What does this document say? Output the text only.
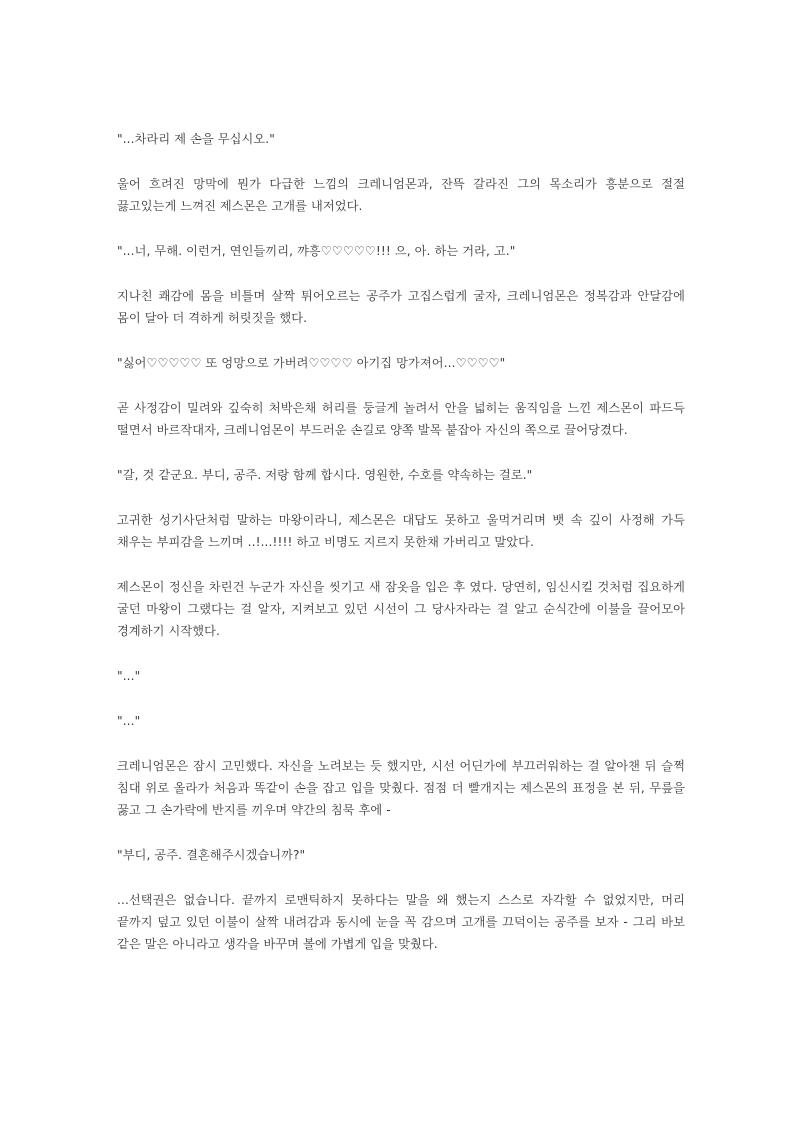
"...차라리 제 손을 무십시오."

울어 흐려진 망막에 뭔가 다급한 느낌의 크레니엄몬과, 잔뜩 갈라진 그의 목소리가 흥분으로 절절 끓고있는게 느껴진 제스몬은 고개를 내저었다.

"...너, 무해. 이런거, 연인들끼리, 꺄흥♡♡♡♡♡!!! 으, 아. 하는 거라, 고."

지나친 쾌감에 몸을 비틀며 살짝 튀어오르는 공주가 고집스럽게 굴자, 크레니엄몬은 정복감과 안달감에 몸이 달아 더 격하게 허릿짓을 했다.

"싫어♡♡♡♡♡ 또 엉망으로 가버려♡♡♡♡ 아기집 망가져어...♡♡♡♡"

곧 사정감이 밀려와 깊숙히 처박은채 허리를 둥글게 놀려서 안을 넓히는 움직임을 느낀 제스몬이 파드득 떨면서 바르작대자, 크레니엄몬이 부드러운 손길로 양쪽 발목 붙잡아 자신의 쪽으로 끌어당겼다.

"갈, 것 같군요. 부디, 공주. 저랑 함께 합시다. 영원한, 수호를 약속하는 걸로."

고귀한 성기사단처럼 말하는 마왕이라니, 제스몬은 대답도 못하고 울먹거리며 뱃 속 깊이 사정해 가득 채우는 부피감을 느끼며 ..!...!!!! 하고 비명도 지르지 못한채 가버리고 말았다.

제스몬이 정신을 차린건 누군가 자신을 씻기고 새 잠옷을 입은 후 였다. 당연히, 임신시킬 것처럼 집요하게 굴던 마왕이 그랬다는 걸 알자, 지켜보고 있던 시선이 그 당사자라는 걸 알고 순식간에 이불을 끌어모아 경계하기 시작했다.

"..."

"..."

크레니엄몬은 잠시 고민했다. 자신을 노려보는 듯 했지만, 시선 어딘가에 부끄러워하는 걸 알아챈 뒤 슬쩍 침대 위로 올라가 처음과 똑같이 손을 잡고 입을 맞췄다. 점점 더 빨개지는 제스몬의 표정을 본 뒤, 무릎을 꿇고 그 손가락에 반지를 끼우며 약간의 침묵 후에 -

"부디, 공주. 결혼해주시겠습니까?"

...선택권은 없습니다. 끝까지 로맨틱하지 못하다는 말을 왜 했는지 스스로 자각할 수 없었지만, 머리 끝까지 덮고 있던 이불이 살짝 내려감과 동시에 눈을 꼭 감으며 고개를 끄덕이는 공주를 보자 - 그리 바보 같은 말은 아니라고 생각을 바꾸며 볼에 가볍게 입을 맞췄다.
